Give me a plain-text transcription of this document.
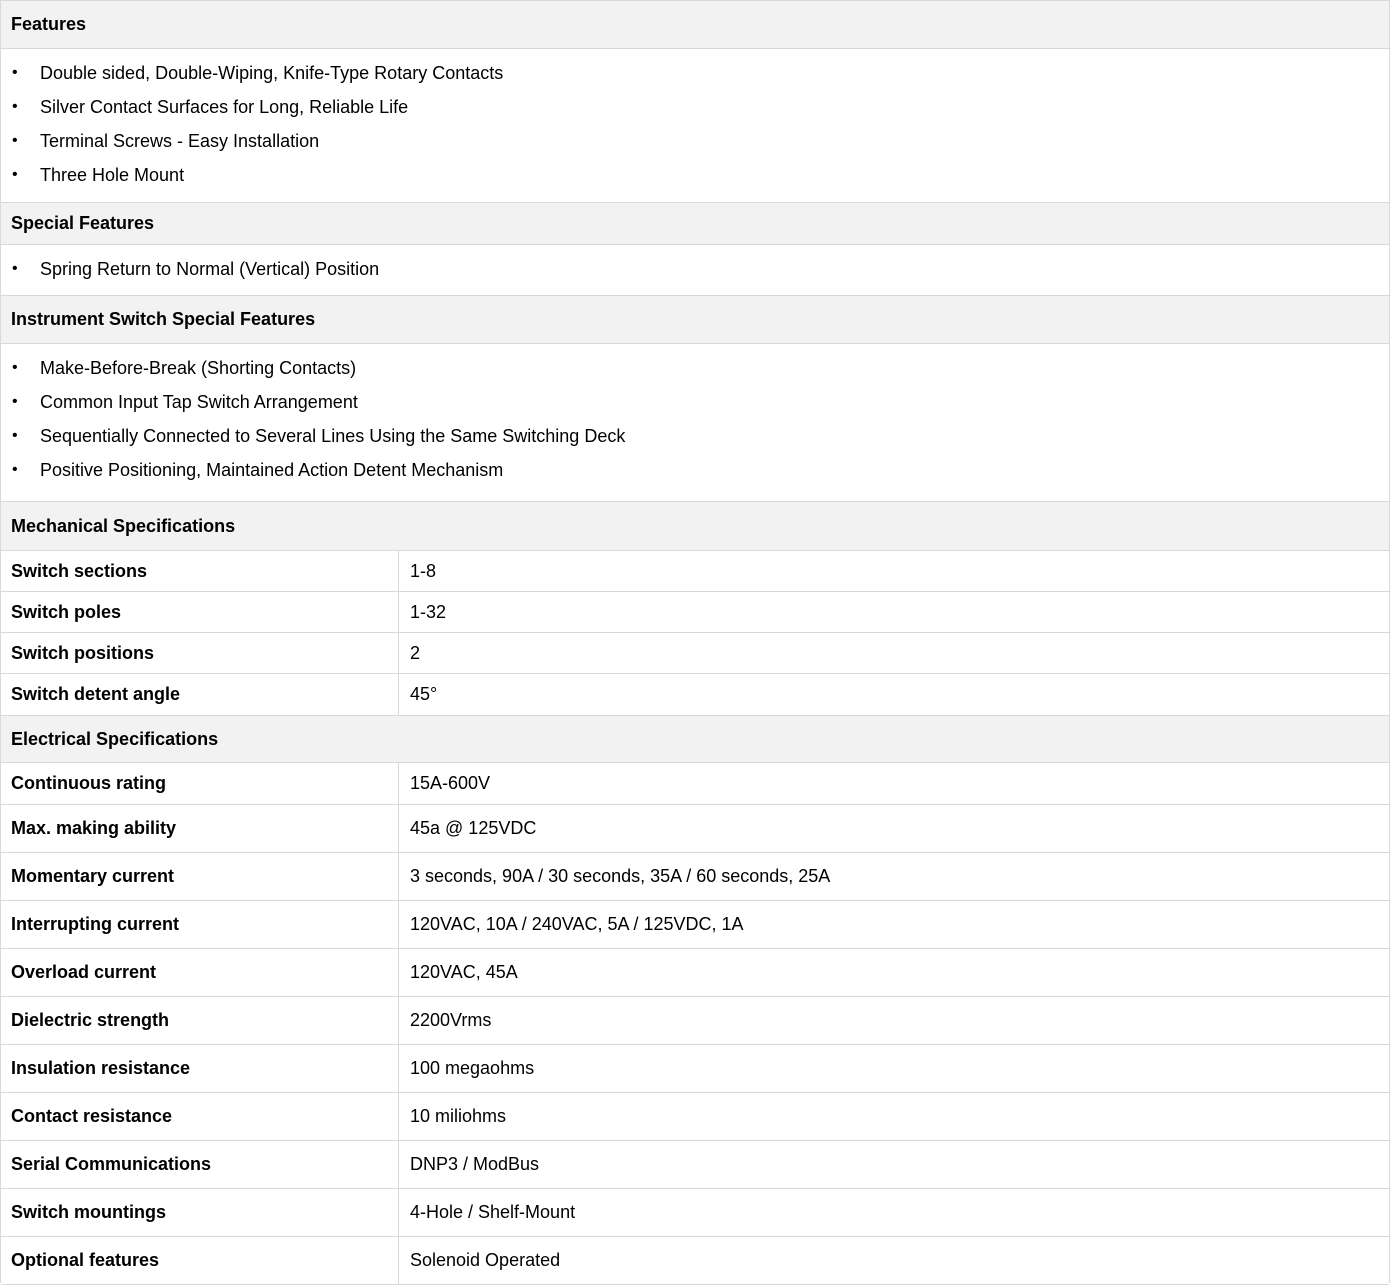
Features
•	Double sided, Double-Wiping, Knife-Type Rotary Contacts
•	Silver Contact Surfaces for Long, Reliable Life
•	Terminal Screws - Easy Installation
•	Three Hole Mount
Special Features
•	Spring Return to Normal (Vertical) Position
Instrument Switch Special Features
•	Make-Before-Break (Shorting Contacts)
•	Common Input Tap Switch Arrangement
•	Sequentially Connected to Several Lines Using the Same Switching Deck
•	Positive Positioning, Maintained Action Detent Mechanism
Mechanical Specifications
Switch sections	1-8
Switch poles	1-32
Switch positions	2
Switch detent angle	45°
Electrical Specifications
Continuous rating	15A-600V
Max. making ability	45a @ 125VDC
Momentary current	3 seconds, 90A / 30 seconds, 35A / 60 seconds, 25A
Interrupting current	120VAC, 10A / 240VAC, 5A / 125VDC, 1A
Overload current	120VAC, 45A
Dielectric strength	2200Vrms
Insulation resistance	100 megaohms
Contact resistance	10 miliohms
Serial Communications	DNP3 / ModBus
Switch mountings	4-Hole / Shelf-Mount
Optional features	Solenoid Operated
